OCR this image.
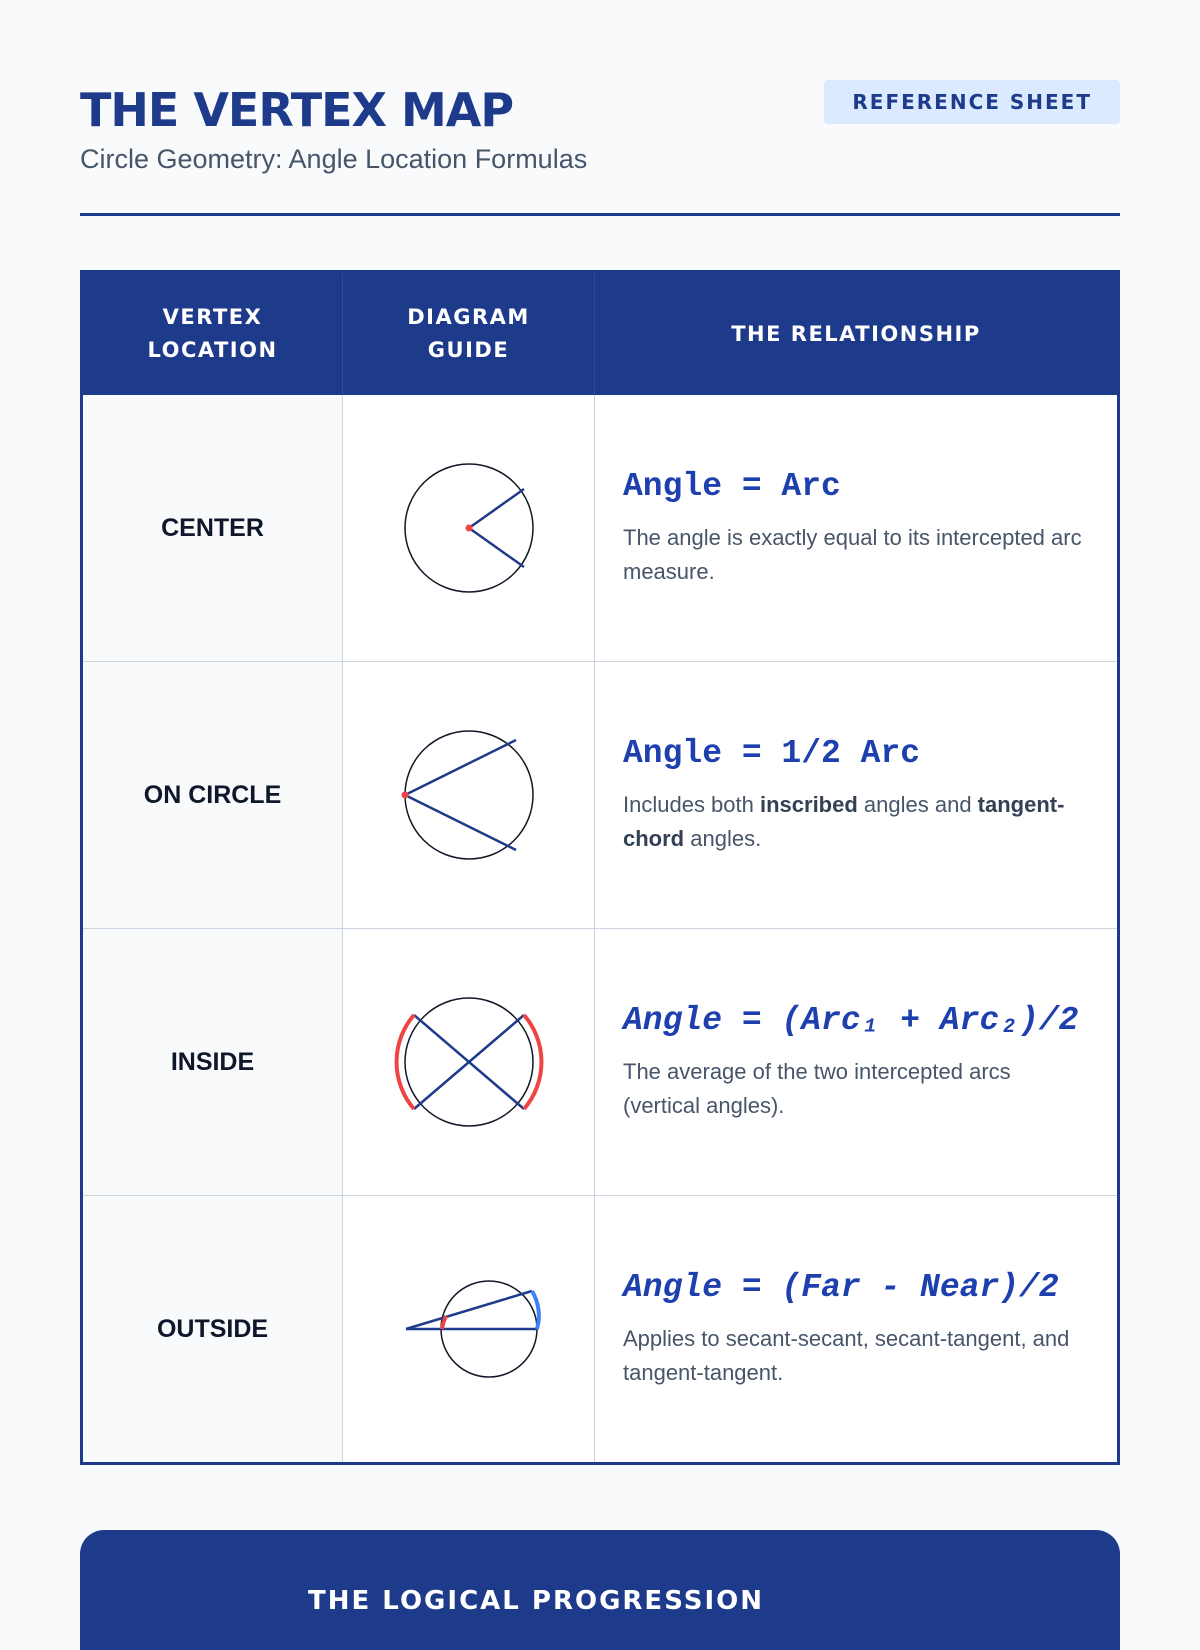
THE VERTEX MAP
Circle Geometry: Angle Location Formulas
REFERENCE SHEET
VERTEX
LOCATION
DIAGRAM
GUIDE
THE RELATIONSHIP
CENTER
Angle = Arc
The angle is exactly equal to its intercepted arc measure.
ON CIRCLE
Angle = 1/2 Arc
Includes both inscribed angles and tangent-chord angles.
INSIDE
Angle = (Arc₁ + Arc₂)/2
The average of the two intercepted arcs (vertical angles).
OUTSIDE
Angle = (Far - Near)/2
Applies to secant-secant, secant-tangent, and tangent-tangent.
THE LOGICAL PROGRESSION
